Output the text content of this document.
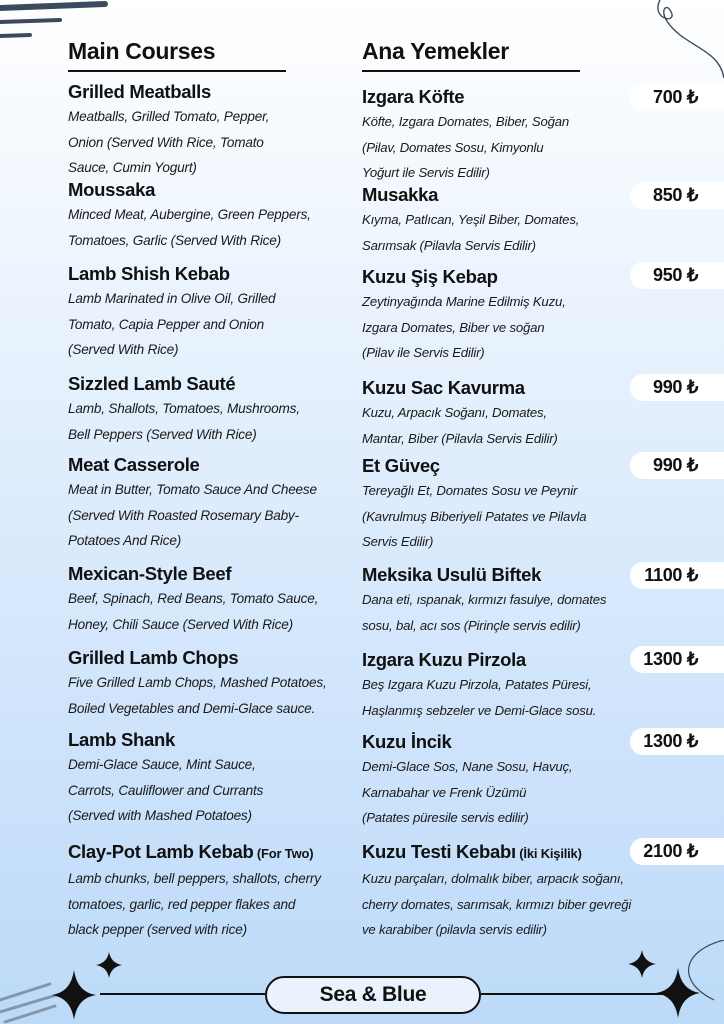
Main Courses	Ana Yemekler
Grilled Meatballs
Meatballs, Grilled Tomato, Pepper,
Onion (Served With Rice, Tomato
Sauce, Cumin Yogurt)
Izgara Köfte
Köfte, Izgara Domates, Biber, Soğan
(Pilav, Domates Sosu, Kimyonlu
Yoğurt ile Servis Edilir)
700 ₺
Moussaka
Minced Meat, Aubergine, Green Peppers,
Tomatoes, Garlic (Served With Rice)
Musakka
Kıyma, Patlıcan, Yeşil Biber, Domates,
Sarımsak (Pilavla Servis Edilir)
850 ₺
Lamb Shish Kebab
Lamb Marinated in Olive Oil, Grilled
Tomato, Capia Pepper and Onion
(Served With Rice)
Kuzu Şiş Kebap
Zeytinyağında Marine Edilmiş Kuzu,
Izgara Domates, Biber ve soğan
(Pilav ile Servis Edilir)
950 ₺
Sizzled Lamb Sauté
Lamb, Shallots, Tomatoes, Mushrooms,
Bell Peppers (Served With Rice)
Kuzu Sac Kavurma
Kuzu, Arpacık Soğanı, Domates,
Mantar, Biber (Pilavla Servis Edilir)
990 ₺
Meat Casserole
Meat in Butter, Tomato Sauce And Cheese
(Served With Roasted Rosemary Baby-
Potatoes And Rice)
Et Güveç
Tereyağlı Et, Domates Sosu ve Peynir
(Kavrulmuş Biberiyeli Patates ve Pilavla
Servis Edilir)
990 ₺
Mexican-Style Beef
Beef, Spinach, Red Beans, Tomato Sauce,
Honey, Chili Sauce (Served With Rice)
Meksika Usulü Biftek
Dana eti, ıspanak, kırmızı fasulye, domates
sosu, bal, acı sos (Pirinçle servis edilir)
1100 ₺
Grilled Lamb Chops
Five Grilled Lamb Chops, Mashed Potatoes,
Boiled Vegetables and Demi-Glace sauce.
Izgara Kuzu Pirzola
Beş Izgara Kuzu Pirzola, Patates Püresi,
Haşlanmış sebzeler ve Demi-Glace sosu.
1300 ₺
Lamb Shank
Demi-Glace Sauce, Mint Sauce,
Carrots, Cauliflower and Currants
(Served with Mashed Potatoes)
Kuzu İncik
Demi-Glace Sos, Nane Sosu, Havuç,
Karnabahar ve Frenk Üzümü
(Patates püresile servis edilir)
1300 ₺
Clay-Pot Lamb Kebab (For Two)
Lamb chunks, bell peppers, shallots, cherry
tomatoes, garlic, red pepper flakes and
black pepper (served with rice)
Kuzu Testi Kebabı (İki Kişilik)
Kuzu parçaları, dolmalık biber, arpacık soğanı,
cherry domates, sarımsak, kırmızı biber gevreği
ve karabiber (pilavla servis edilir)
2100 ₺
Sea & Blue
